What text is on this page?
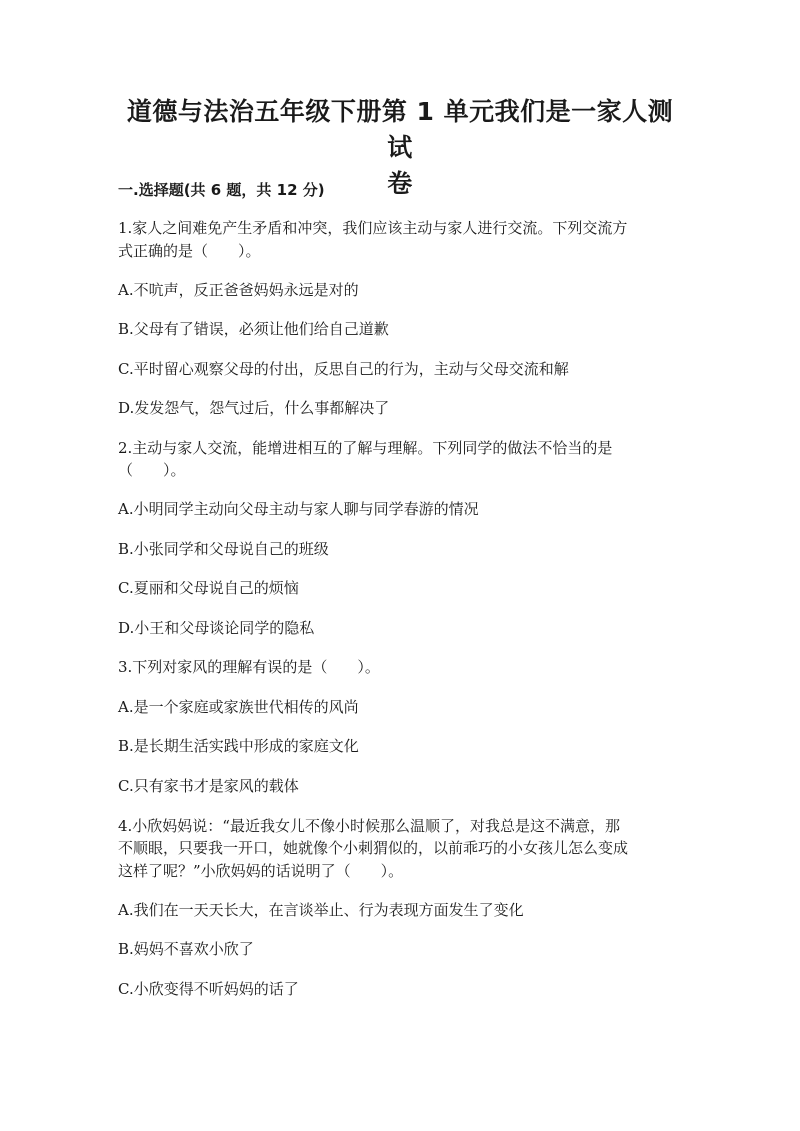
道德与法治五年级下册第 1 单元我们是一家人测试
卷
一.选择题(共 6 题，共 12 分)
1.家人之间难免产生矛盾和冲突，我们应该主动与家人进行交流。下列交流方
式正确的是（　　）。
A.不吭声，反正爸爸妈妈永远是对的
B.父母有了错误，必须让他们给自己道歉
C.平时留心观察父母的付出，反思自己的行为，主动与父母交流和解
D.发发怨气，怨气过后，什么事都解决了
2.主动与家人交流，能增进相互的了解与理解。下列同学的做法不恰当的是
（　　）。
A.小明同学主动向父母主动与家人聊与同学春游的情况
B.小张同学和父母说自己的班级
C.夏丽和父母说自己的烦恼
D.小王和父母谈论同学的隐私
3.下列对家风的理解有误的是（　　）。
A.是一个家庭或家族世代相传的风尚
B.是长期生活实践中形成的家庭文化
C.只有家书才是家风的载体
4.小欣妈妈说：“最近我女儿不像小时候那么温顺了，对我总是这不满意，那
不顺眼，只要我一开口，她就像个小刺猬似的，以前乖巧的小女孩儿怎么变成
这样了呢？”小欣妈妈的话说明了（　　）。
A.我们在一天天长大，在言谈举止、行为表现方面发生了变化
B.妈妈不喜欢小欣了
C.小欣变得不听妈妈的话了
